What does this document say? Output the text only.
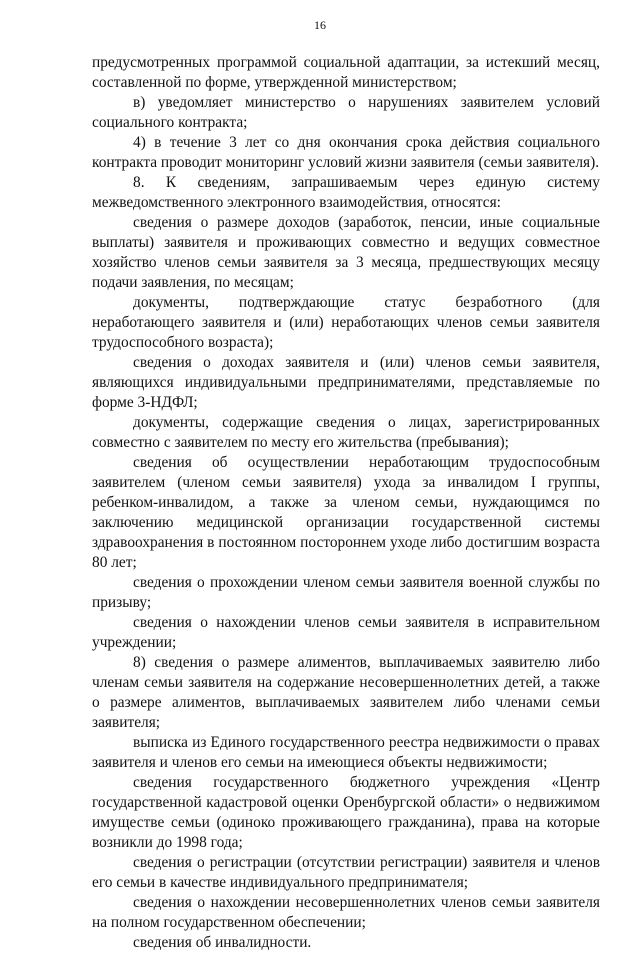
16

предусмотренных программой социальной адаптации, за истекший месяц, составленной по форме, утвержденной министерством;

в) уведомляет министерство о нарушениях заявителем условий социального контракта;

4) в течение 3 лет со дня окончания срока действия социального контракта проводит мониторинг условий жизни заявителя (семьи заявителя).

8. К сведениям, запрашиваемым через единую систему межведомственного электронного взаимодействия, относятся:

сведения о размере доходов (заработок, пенсии, иные социальные выплаты) заявителя и проживающих совместно и ведущих совместное хозяйство членов семьи заявителя за 3 месяца, предшествующих месяцу подачи заявления, по месяцам;

документы, подтверждающие статус безработного (для неработающего заявителя и (или) неработающих членов семьи заявителя трудоспособного возраста);

сведения о доходах заявителя и (или) членов семьи заявителя, являющихся индивидуальными предпринимателями, представляемые по форме 3-НДФЛ;

документы, содержащие сведения о лицах, зарегистрированных совместно с заявителем по месту его жительства (пребывания);

сведения об осуществлении неработающим трудоспособным заявителем (членом семьи заявителя) ухода за инвалидом I группы, ребенком-инвалидом, а также за членом семьи, нуждающимся по заключению медицинской организации государственной системы здравоохранения в постоянном постороннем уходе либо достигшим возраста 80 лет;

сведения о прохождении членом семьи заявителя военной службы по призыву;

сведения о нахождении членов семьи заявителя в исправительном учреждении;

8) сведения о размере алиментов, выплачиваемых заявителю либо членам семьи заявителя на содержание несовершеннолетних детей, а также о размере алиментов, выплачиваемых заявителем либо членами семьи заявителя;

выписка из Единого государственного реестра недвижимости о правах заявителя и членов его семьи на имеющиеся объекты недвижимости;

сведения государственного бюджетного учреждения «Центр государственной кадастровой оценки Оренбургской области» о недвижимом имуществе семьи (одиноко проживающего гражданина), права на которые возникли до 1998 года;

сведения о регистрации (отсутствии регистрации) заявителя и членов его семьи в качестве индивидуального предпринимателя;

сведения о нахождении несовершеннолетних членов семьи заявителя на полном государственном обеспечении;

сведения об инвалидности.
